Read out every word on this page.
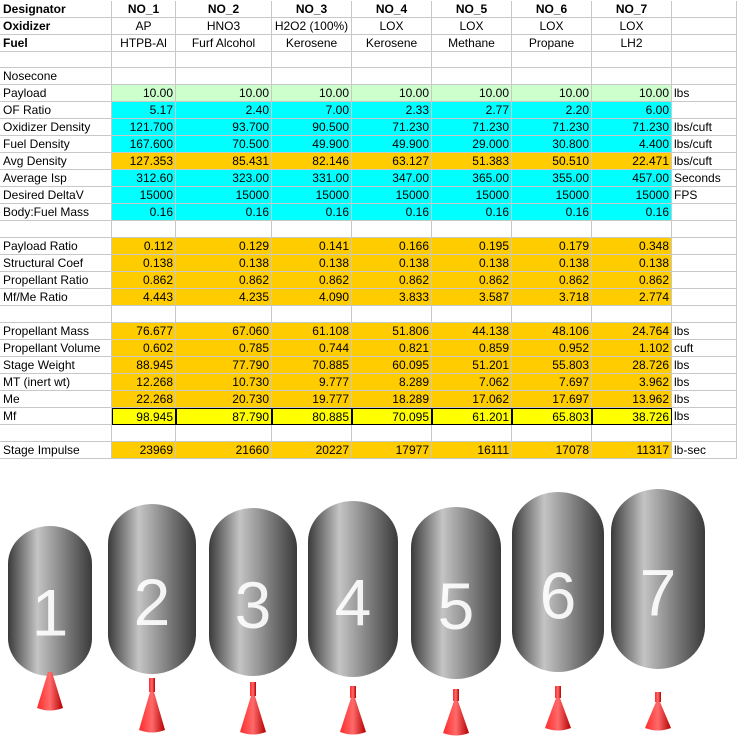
Designator	NO_1	NO_2	NO_3	NO_4	NO_5	NO_6	NO_7
Oxidizer	AP	HNO3	H2O2 (100%)	LOX	LOX	LOX	LOX
Fuel	HTPB-Al	Furf Alcohol	Kerosene	Kerosene	Methane	Propane	LH2
Nosecone
Payload	10.00	10.00	10.00	10.00	10.00	10.00	10.00 lbs
OF Ratio	5.17	2.40	7.00	2.33	2.77	2.20	6.00
Oxidizer Density	121.700	93.700	90.500	71.230	71.230	71.230	71.230 lbs/cuft
Fuel Density	167.600	70.500	49.900	49.900	29.000	30.800	4.400 lbs/cuft
Avg Density	127.353	85.431	82.146	63.127	51.383	50.510	22.471 lbs/cuft
Average Isp	312.60	323.00	331.00	347.00	365.00	355.00	457.00 Seconds
Desired DeltaV	15000	15000	15000	15000	15000	15000	15000 FPS
Body:Fuel Mass	0.16	0.16	0.16	0.16	0.16	0.16	0.16
Payload Ratio	0.112	0.129	0.141	0.166	0.195	0.179	0.348
Structural Coef	0.138	0.138	0.138	0.138	0.138	0.138	0.138
Propellant Ratio	0.862	0.862	0.862	0.862	0.862	0.862	0.862
Mf/Me Ratio	4.443	4.235	4.090	3.833	3.587	3.718	2.774
Propellant Mass	76.677	67.060	61.108	51.806	44.138	48.106	24.764 lbs
Propellant Volume	0.602	0.785	0.744	0.821	0.859	0.952	1.102 cuft
Stage Weight	88.945	77.790	70.885	60.095	51.201	55.803	28.726 lbs
MT (inert wt)	12.268	10.730	9.777	8.289	7.062	7.697	3.962 lbs
Me	22.268	20.730	19.777	18.289	17.062	17.697	13.962 lbs
Mf	98.945	87.790	80.885	70.095	61.201	65.803	38.726 lbs
Stage Impulse	23969	21660	20227	17977	16111	17078	11317 lb-sec
1 2 3 4 5 6 7
